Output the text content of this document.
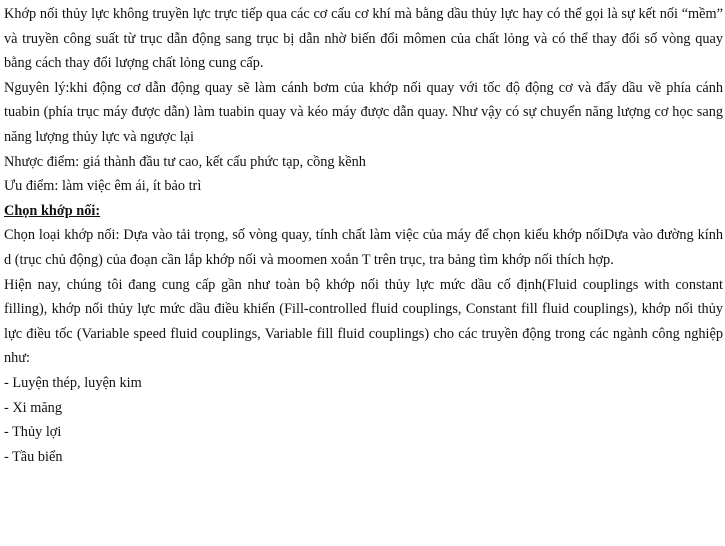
Khớp nối thủy lực không truyền lực trực tiếp qua các cơ cấu cơ khí mà bằng dầu thủy lực hay có thể gọi là sự kết nối “mềm” và truyền công suất từ trục dẫn động sang trục bị dẫn nhờ biến đổi mômen của chất lỏng và có thể thay đổi số vòng quay bằng cách thay đổi lượng chất lỏng cung cấp.

Nguyên lý:khi động cơ dẫn động quay sẽ làm cánh bơm của khớp nối quay với tốc độ động cơ và đẩy dầu về phía cánh tuabin (phía trục máy được dẫn) làm tuabin quay và kéo máy được dẫn quay. Như vậy có sự chuyển năng lượng cơ học sang năng lượng thủy lực và ngược lại

Nhược điểm: giá thành đầu tư cao, kết cấu phức tạp, cồng kềnh

Ưu điểm: làm việc êm ái, ít bảo trì

Chọn khớp nối:

Chọn loại khớp nối: Dựa vào tải trọng, số vòng quay, tính chất làm việc của máy để chọn kiểu khớp nốiDựa vào đường kính d (trục chủ động) của đoạn cần lắp khớp nối và moomen xoắn T trên trục, tra bảng tìm khớp nối thích hợp.

Hiện nay, chúng tôi đang cung cấp gần như toàn bộ khớp nối thủy lực mức dầu cố định(Fluid couplings with constant filling), khớp nối thủy lực mức dầu điều khiển (Fill-controlled fluid couplings, Constant fill fluid couplings), khớp nối thủy lực điều tốc (Variable speed fluid couplings, Variable fill fluid couplings) cho các truyền động trong các ngành công nghiệp như:

- Luyện thép, luyện kim

- Xi măng

- Thủy lợi

- Tầu biển
